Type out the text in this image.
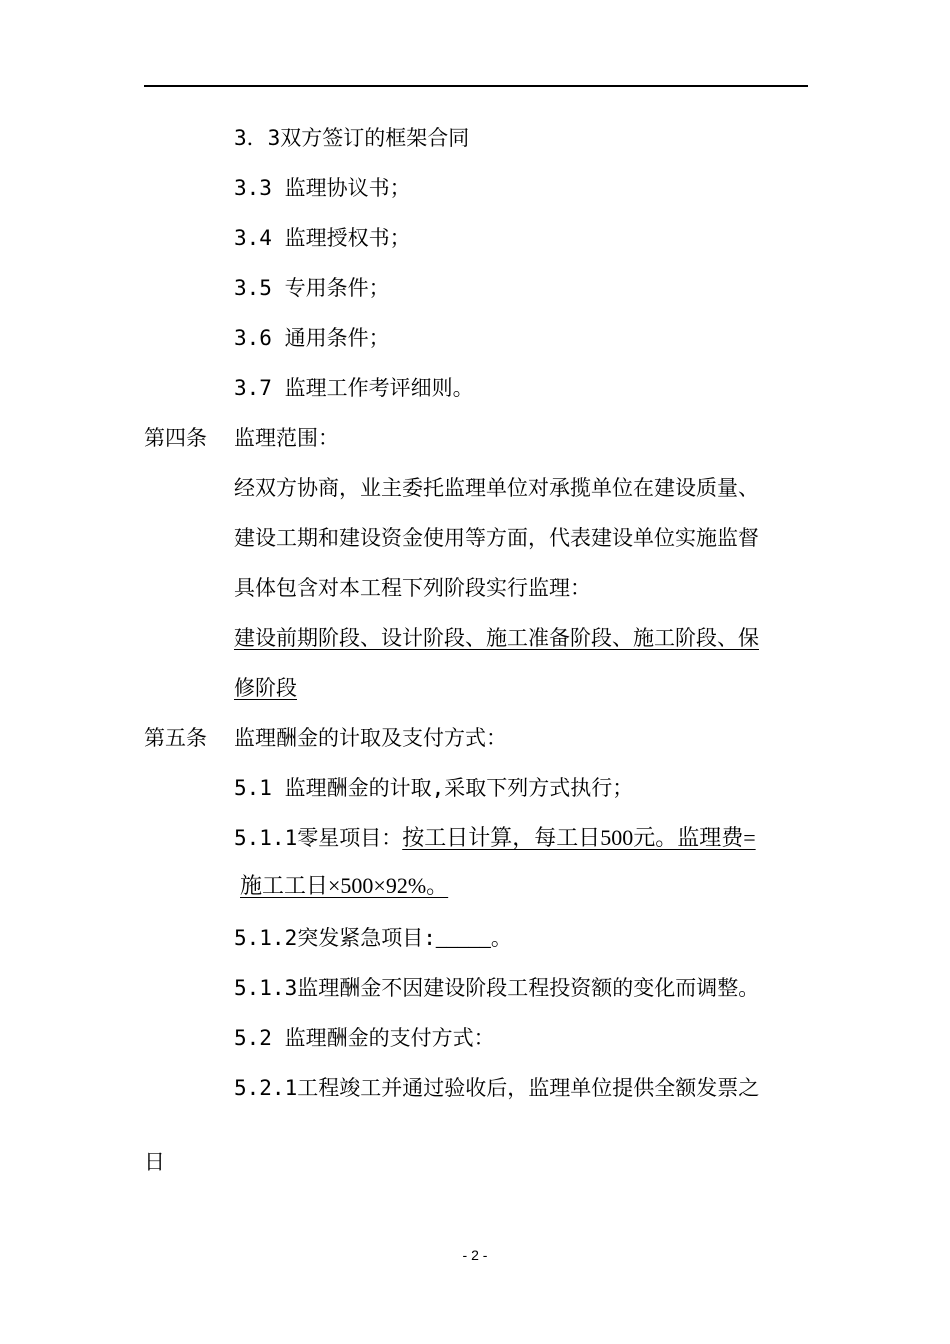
3．3双方签订的框架合同
3.3 监理协议书；
3.4 监理授权书；
3.5 专用条件；
3.6 通用条件；
3.7 监理工作考评细则。
第四条 监理范围：
经双方协商，业主委托监理单位对承揽单位在建设质量、
建设工期和建设资金使用等方面，代表建设单位实施监督
具体包含对本工程下列阶段实行监理：
建设前期阶段、设计阶段、施工准备阶段、施工阶段、保
修阶段
第五条 监理酬金的计取及支付方式：
5.1 监理酬金的计取,采取下列方式执行；
5.1.1零星项目：按工日计算，每工日500元。监理费=
施工工日×500×92%。
5.1.2突发紧急项目:_____。
5.1.3监理酬金不因建设阶段工程投资额的变化而调整。
5.2 监理酬金的支付方式：
5.2.1工程竣工并通过验收后，监理单位提供全额发票之
日
- 2 -
